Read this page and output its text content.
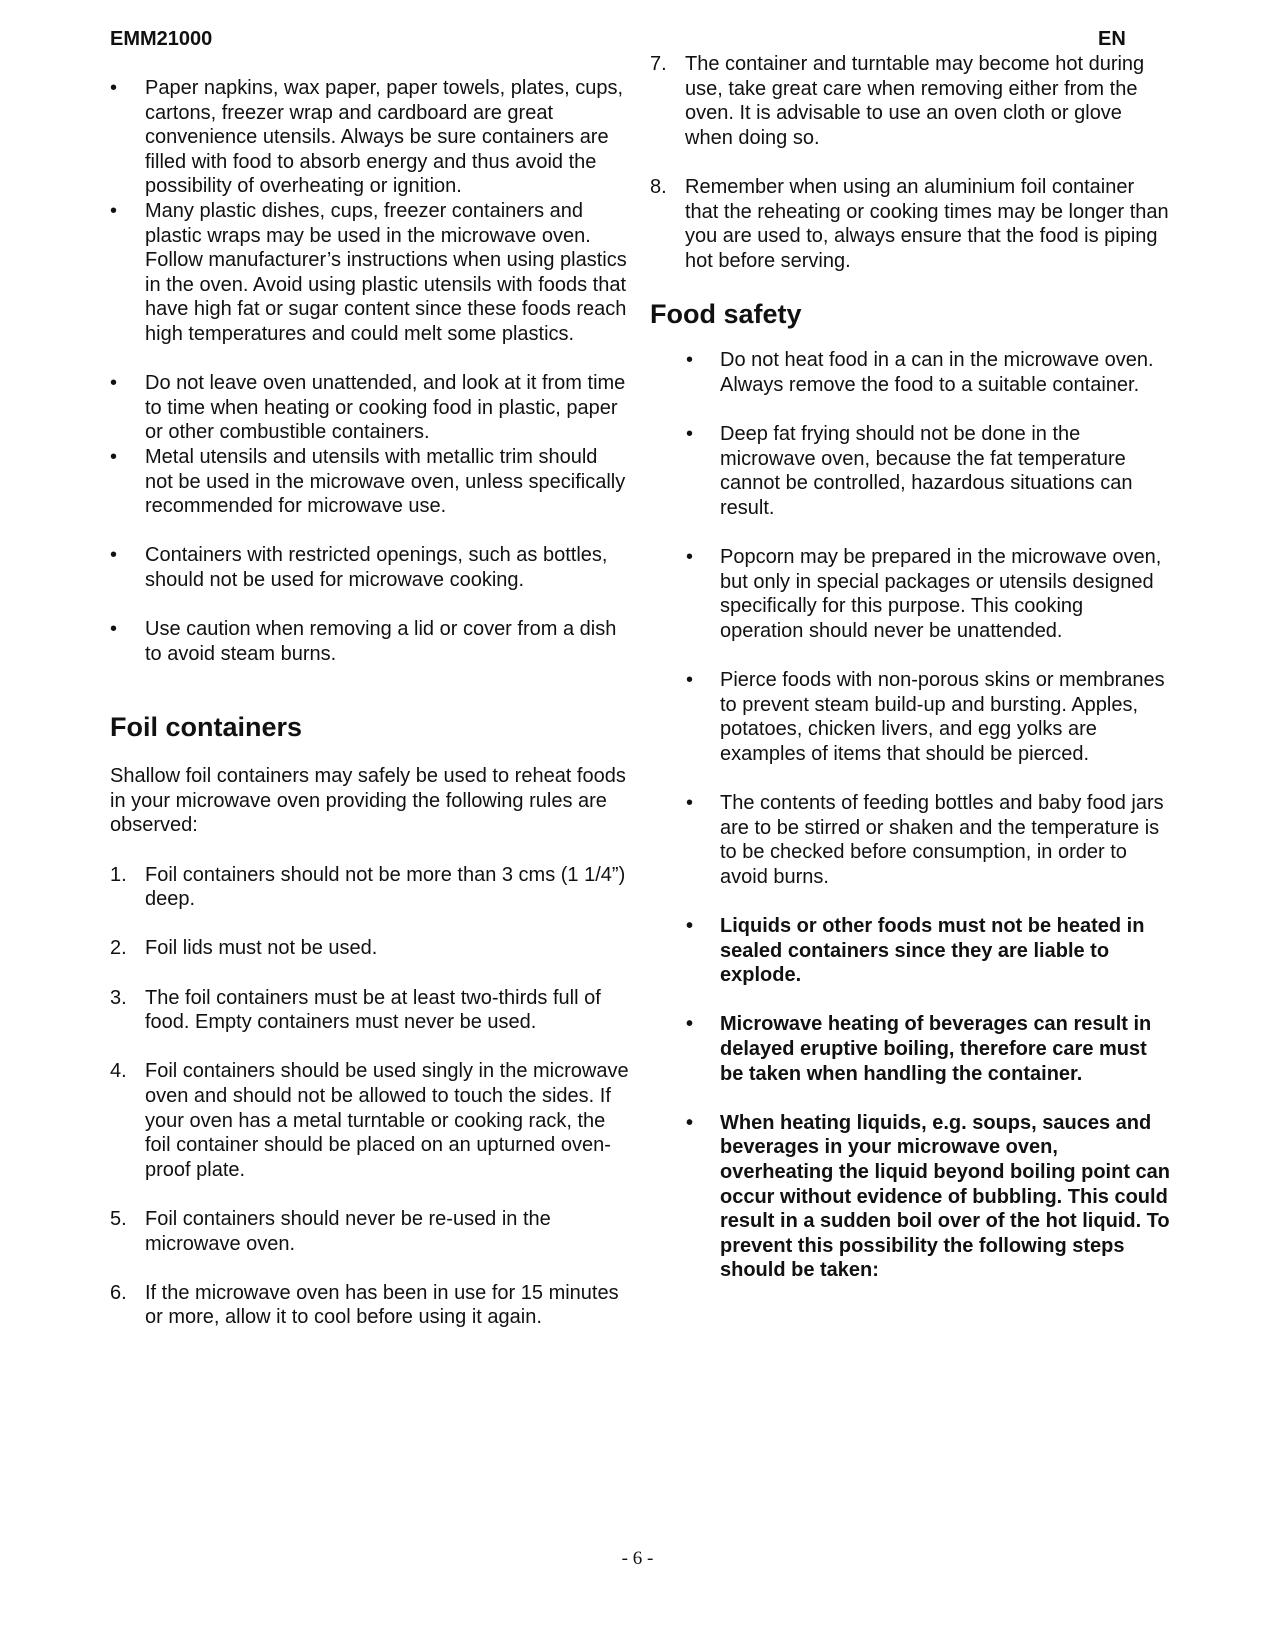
EMM21000	EN
• Paper napkins, wax paper, paper towels, plates, cups, cartons, freezer wrap and cardboard are great convenience utensils. Always be sure containers are filled with food to absorb energy and thus avoid the possibility of overheating or ignition.
• Many plastic dishes, cups, freezer containers and plastic wraps may be used in the microwave oven. Follow manufacturer’s instructions when using plastics in the oven. Avoid using plastic utensils with foods that have high fat or sugar content since these foods reach high temperatures and could melt some plastics.
• Do not leave oven unattended, and look at it from time to time when heating or cooking food in plastic, paper or other combustible containers.
• Metal utensils and utensils with metallic trim should not be used in the microwave oven, unless specifically recommended for microwave use.
• Containers with restricted openings, such as bottles, should not be used for microwave cooking.
• Use caution when removing a lid or cover from a dish to avoid steam burns.
Foil containers

Shallow foil containers may safely be used to reheat foods in your microwave oven providing the following rules are observed:

1. Foil containers should not be more than 3 cms (1 1/4”) deep.
2. Foil lids must not be used.
3. The foil containers must be at least two-thirds full of food. Empty containers must never be used.
4. Foil containers should be used singly in the microwave oven and should not be allowed to touch the sides. If your oven has a metal turntable or cooking rack, the foil container should be placed on an upturned oven-proof plate.
5. Foil containers should never be re-used in the microwave oven.
6. If the microwave oven has been in use for 15 minutes or more, allow it to cool before using it again.
7. The container and turntable may become hot during use, take great care when removing either from the oven. It is advisable to use an oven cloth or glove when doing so.
8. Remember when using an aluminium foil container that the reheating or cooking times may be longer than you are used to, always ensure that the food is piping hot before serving.
Food safety
• Do not heat food in a can in the microwave oven. Always remove the food to a suitable container.
• Deep fat frying should not be done in the microwave oven, because the fat temperature cannot be controlled, hazardous situations can result.
• Popcorn may be prepared in the microwave oven, but only in special packages or utensils designed specifically for this purpose. This cooking operation should never be unattended.
• Pierce foods with non-porous skins or membranes to prevent steam build-up and bursting. Apples, potatoes, chicken livers, and egg yolks are examples of items that should be pierced.
• The contents of feeding bottles and baby food jars are to be stirred or shaken and the temperature is to be checked before consumption, in order to avoid burns.
• Liquids or other foods must not be heated in sealed containers since they are liable to explode.
• Microwave heating of beverages can result in delayed eruptive boiling, therefore care must be taken when handling the container.
• When heating liquids, e.g. soups, sauces and beverages in your microwave oven, overheating the liquid beyond boiling point can occur without evidence of bubbling. This could result in a sudden boil over of the hot liquid. To prevent this possibility the following steps should be taken:
- 6 -
